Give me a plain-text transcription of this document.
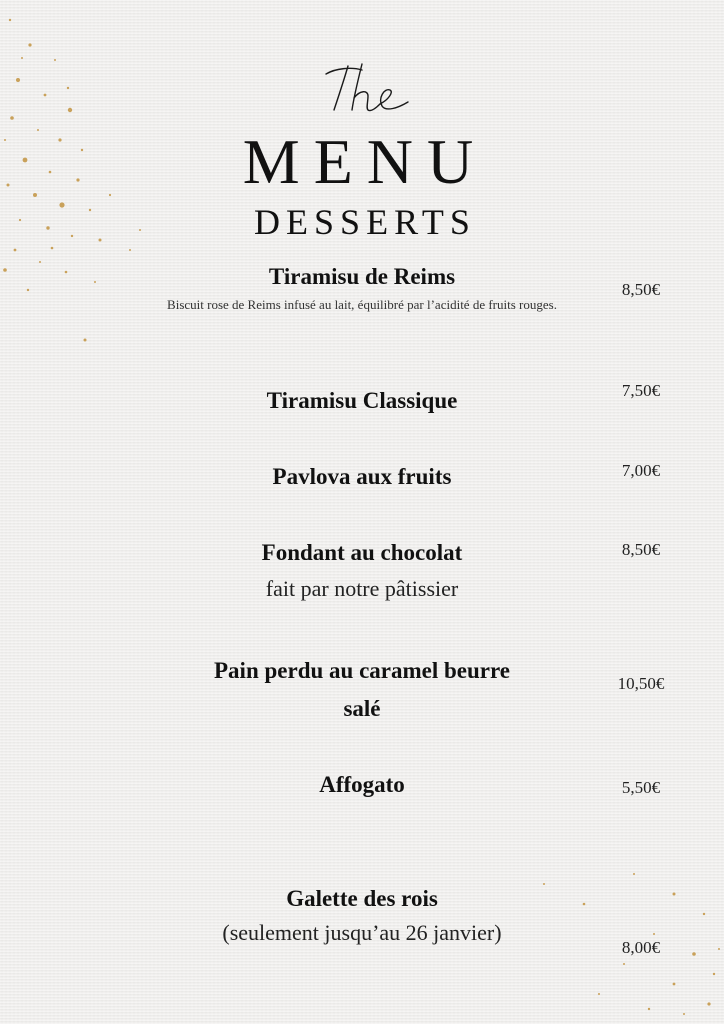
MENU
DESSERTS
Tiramisu de Reims
Biscuit rose de Reims infusé au lait, équilibré par l’acidité de fruits rouges.
8,50€
Tiramisu Classique	7,50€
Pavlova aux fruits	7,00€
Fondant au chocolat
fait par notre pâtissier
8,50€
Pain perdu au caramel beurre salé
10,50€
Affogato	5,50€
Galette des rois
(seulement jusqu’au 26 janvier)
8,00€
